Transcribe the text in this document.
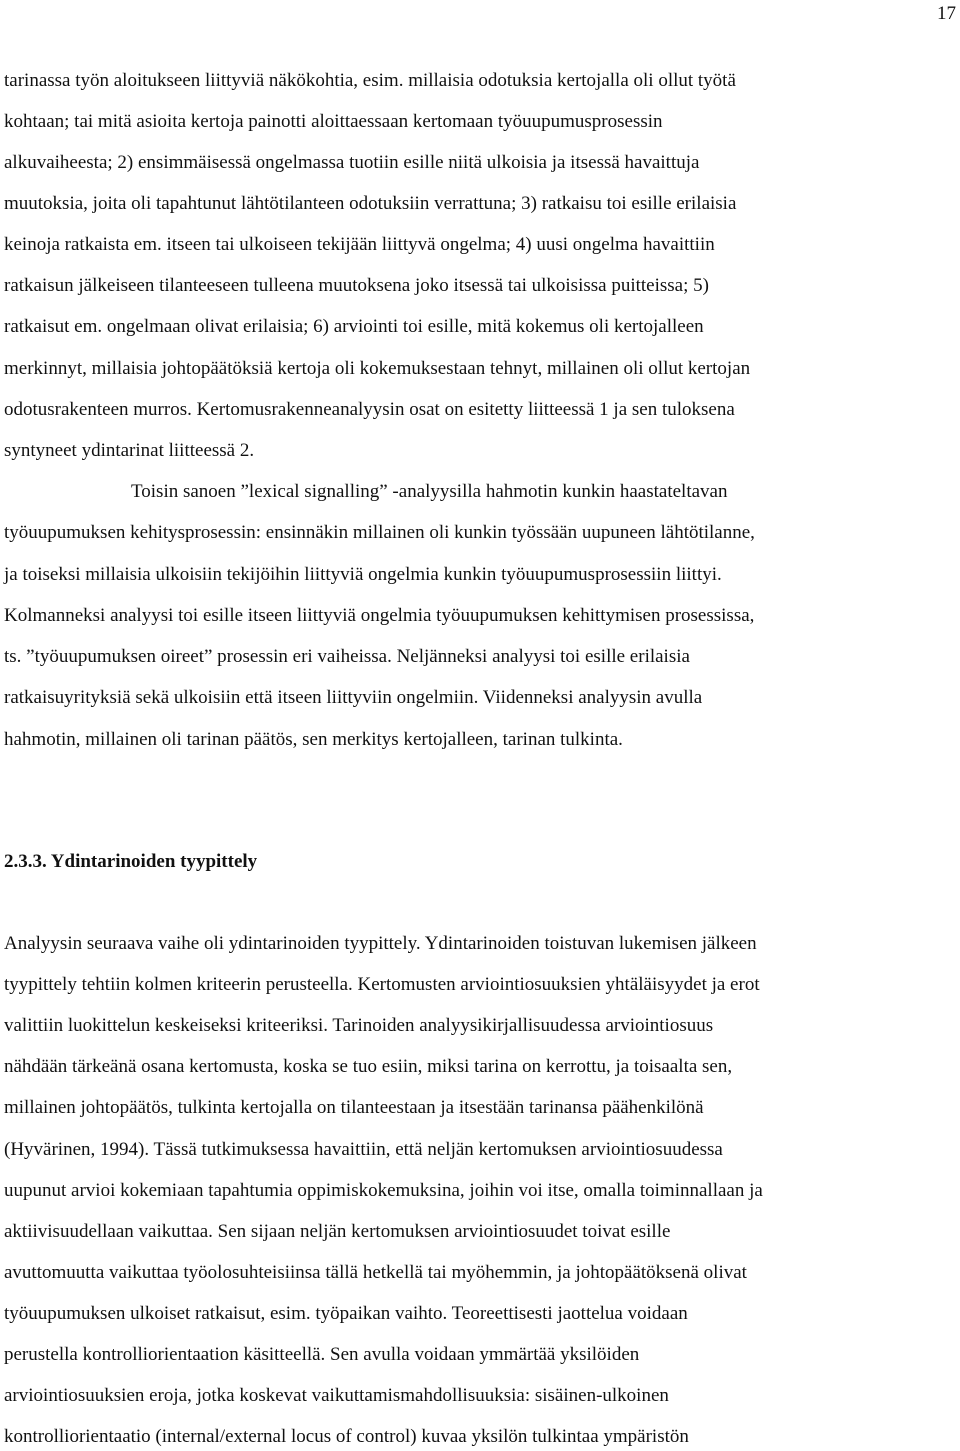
17
tarinassa työn aloitukseen liittyviä näkökohtia, esim. millaisia odotuksia kertojalla oli ollut työtä
kohtaan; tai mitä asioita kertoja painotti aloittaessaan kertomaan työuupumusprosessin
alkuvaiheesta; 2) ensimmäisessä ongelmassa tuotiin esille niitä ulkoisia ja itsessä havaittuja
muutoksia, joita oli tapahtunut lähtötilanteen odotuksiin verrattuna; 3) ratkaisu toi esille erilaisia
keinoja ratkaista em. itseen tai ulkoiseen tekijään liittyvä ongelma; 4) uusi ongelma havaittiin
ratkaisun jälkeiseen tilanteeseen tulleena muutoksena joko itsessä tai ulkoisissa puitteissa; 5)
ratkaisut em. ongelmaan olivat erilaisia; 6) arviointi toi esille, mitä kokemus oli kertojalleen
merkinnyt, millaisia johtopäätöksiä kertoja oli kokemuksestaan tehnyt, millainen oli ollut kertojan
odotusrakenteen murros. Kertomusrakenneanalyysin osat on esitetty liitteessä 1 ja sen tuloksena
syntyneet ydintarinat liitteessä 2.
Toisin sanoen ”lexical signalling” -analyysilla hahmotin kunkin haastateltavan
työuupumuksen kehitysprosessin: ensinnäkin millainen oli kunkin työssään uupuneen lähtötilanne,
ja toiseksi millaisia ulkoisiin tekijöihin liittyviä ongelmia kunkin työuupumusprosessiin liittyi.
Kolmanneksi analyysi toi esille itseen liittyviä ongelmia työuupumuksen kehittymisen prosessissa,
ts. ”työuupumuksen oireet” prosessin eri vaiheissa. Neljänneksi analyysi toi esille erilaisia
ratkaisuyrityksiä sekä ulkoisiin että itseen liittyviin ongelmiin. Viidenneksi analyysin avulla
hahmotin, millainen oli tarinan päätös, sen merkitys kertojalleen, tarinan tulkinta.
2.3.3. Ydintarinoiden tyypittely
Analyysin seuraava vaihe oli ydintarinoiden tyypittely. Ydintarinoiden toistuvan lukemisen jälkeen
tyypittely tehtiin kolmen kriteerin perusteella. Kertomusten arviointiosuuksien yhtäläisyydet ja erot
valittiin luokittelun keskeiseksi kriteeriksi. Tarinoiden analyysikirjallisuudessa arviointiosuus
nähdään tärkeänä osana kertomusta, koska se tuo esiin, miksi tarina on kerrottu, ja toisaalta sen,
millainen johtopäätös, tulkinta kertojalla on tilanteestaan ja itsestään tarinansa päähenkilönä
(Hyvärinen, 1994). Tässä tutkimuksessa havaittiin, että neljän kertomuksen arviointiosuudessa
uupunut arvioi kokemiaan tapahtumia oppimiskokemuksina, joihin voi itse, omalla toiminnallaan ja
aktiivisuudellaan vaikuttaa. Sen sijaan neljän kertomuksen arviointiosuudet toivat esille
avuttomuutta vaikuttaa työolosuhteisiinsa tällä hetkellä tai myöhemmin, ja johtopäätöksenä olivat
työuupumuksen ulkoiset ratkaisut, esim. työpaikan vaihto. Teoreettisesti jaottelua voidaan
perustella kontrolliorientaation käsitteellä. Sen avulla voidaan ymmärtää yksilöiden
arviointiosuuksien eroja, jotka koskevat vaikuttamismahdollisuuksia: sisäinen-ulkoinen
kontrolliorientaatio (internal/external locus of control) kuvaa yksilön tulkintaa ympäristön
